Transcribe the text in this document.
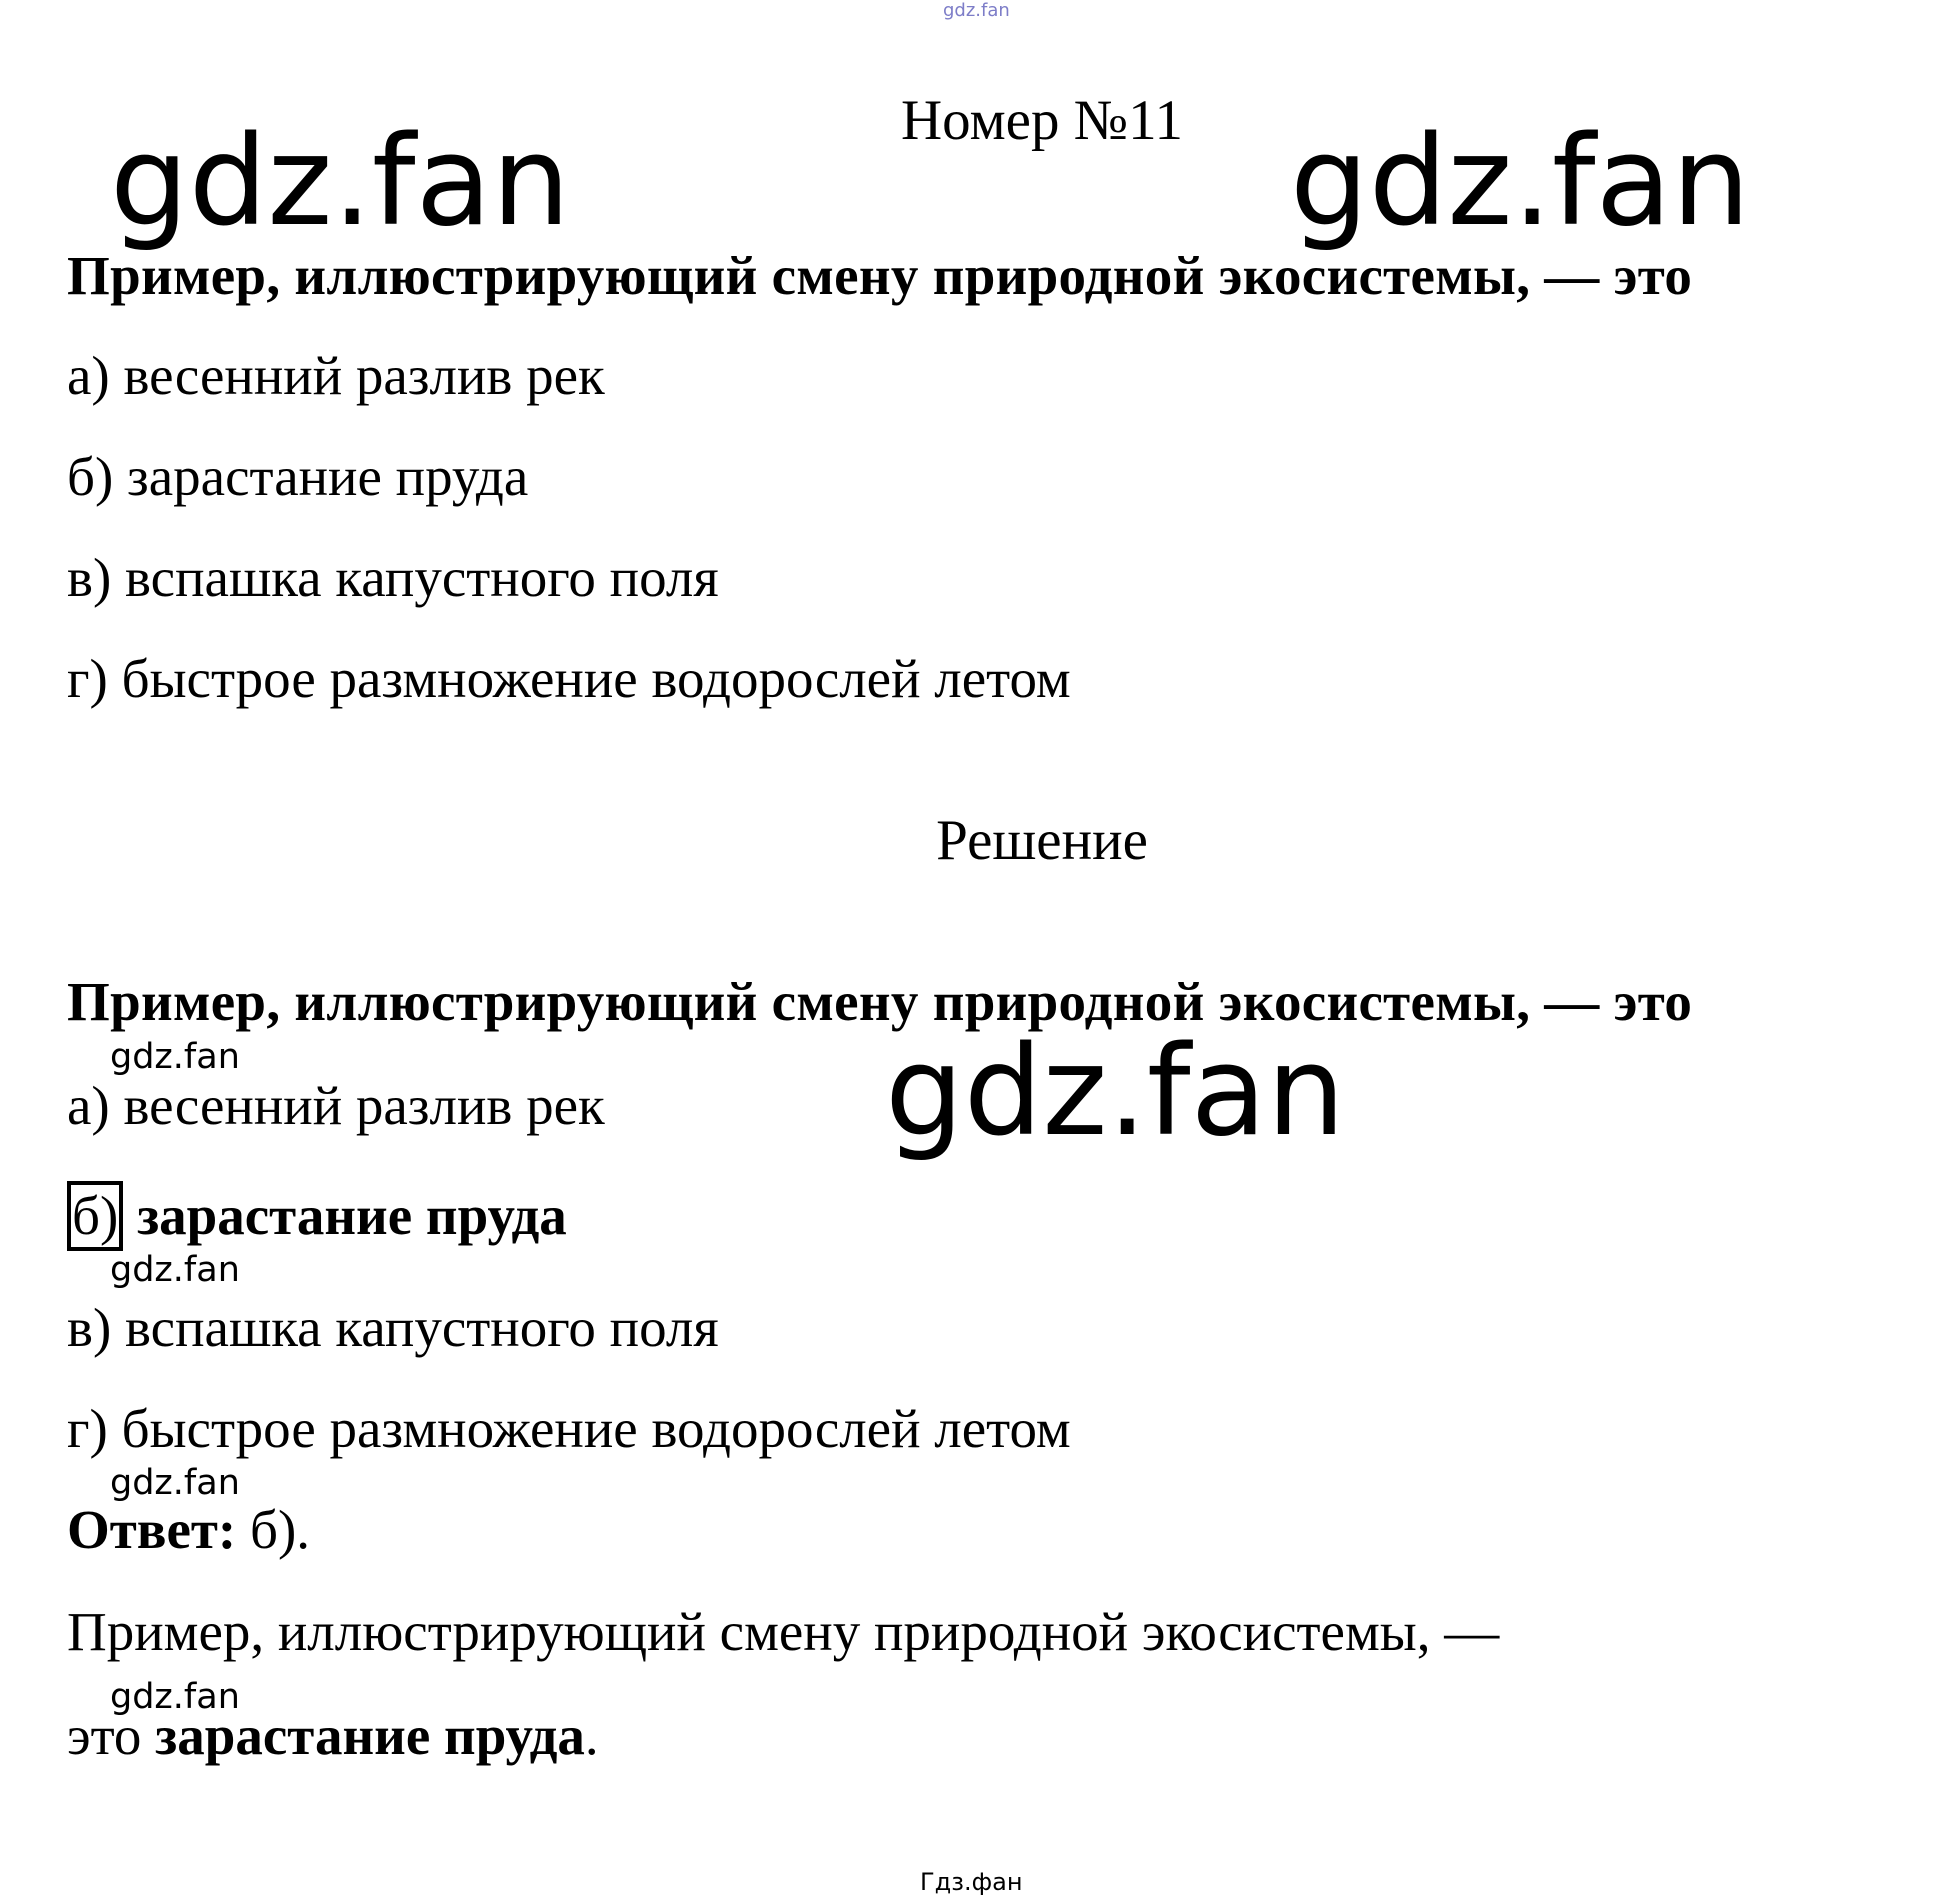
gdz.fan
Номер №11
gdz.fan	gdz.fan
Пример, иллюстрирующий смену природной экосистемы, — это
а) весенний разлив рек
б) зарастание пруда
в) вспашка капустного поля
г) быстрое размножение водорослей летом
Решение
Пример, иллюстрирующий смену природной экосистемы, — это
gdz.fan	gdz.fan
а) весенний разлив рек
б) зарастание пруда
gdz.fan
в) вспашка капустного поля
г) быстрое размножение водорослей летом
gdz.fan
Ответ: б).
Пример, иллюстрирующий смену природной экосистемы, —
gdz.fan
это зарастание пруда.
Гдз.фан
